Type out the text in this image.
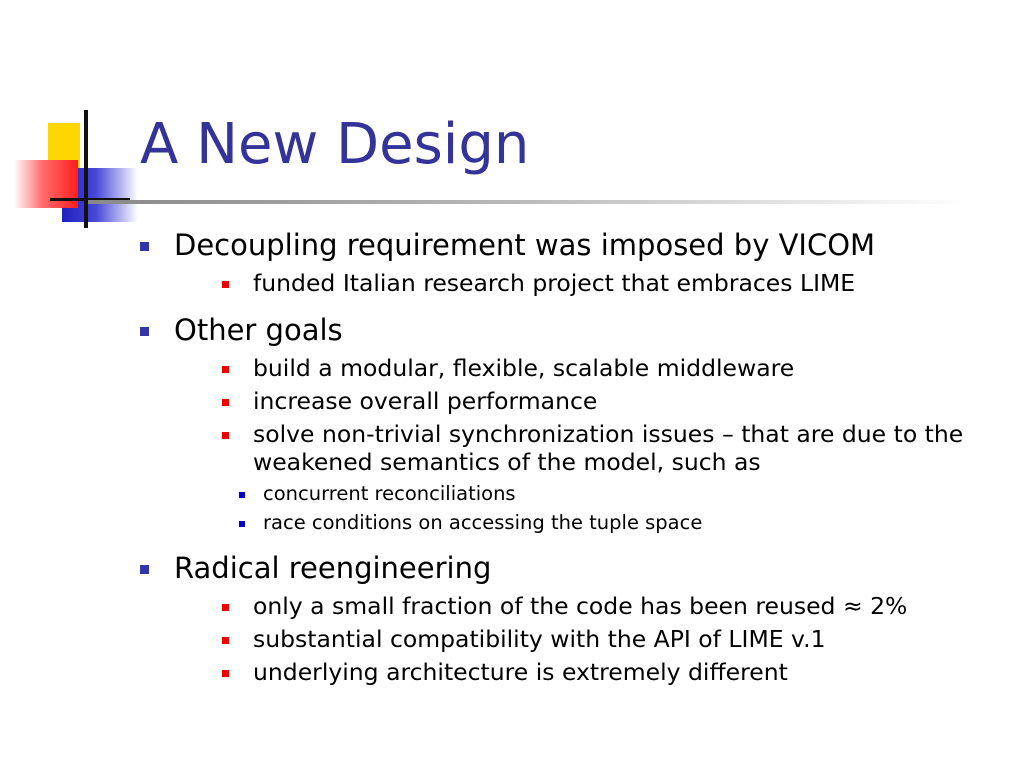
A New Design
Decoupling requirement was imposed by VICOM
funded Italian research project that embraces LIME
Other goals
build a modular, flexible, scalable middleware
increase overall performance
solve non-trivial synchronization issues – that are due to the weakened semantics of the model, such as
concurrent reconciliations
race conditions on accessing the tuple space
Radical reengineering
only a small fraction of the code has been reused ≈ 2%
substantial compatibility with the API of LIME v.1
underlying architecture is extremely different
